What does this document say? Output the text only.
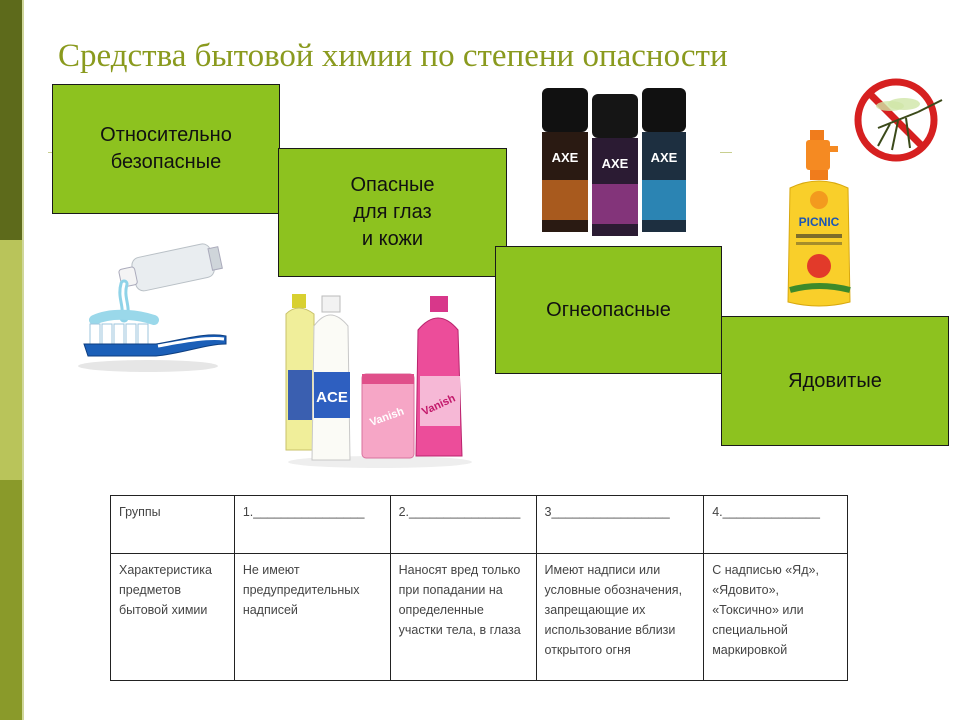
Средства бытовой химии по степени опасности
ACE
Vanish Vanish
AXE AXE AXE
PICNIC
Относительно
безопасные
Опасные
для глаз
и кожи
Огнеопасные
Ядовитые
Группы	1.________________	2.________________	3_________________	4.______________
Характеристика предметов бытовой химии	Не имеют предупредительных надписей	Наносят вред только при попадании на определенные участки тела, в глаза	Имеют надписи или условные обозначения, запрещающие их использование вблизи открытого огня	С надписью «Яд», «Ядовито», «Токсично» или специальной маркировкой
